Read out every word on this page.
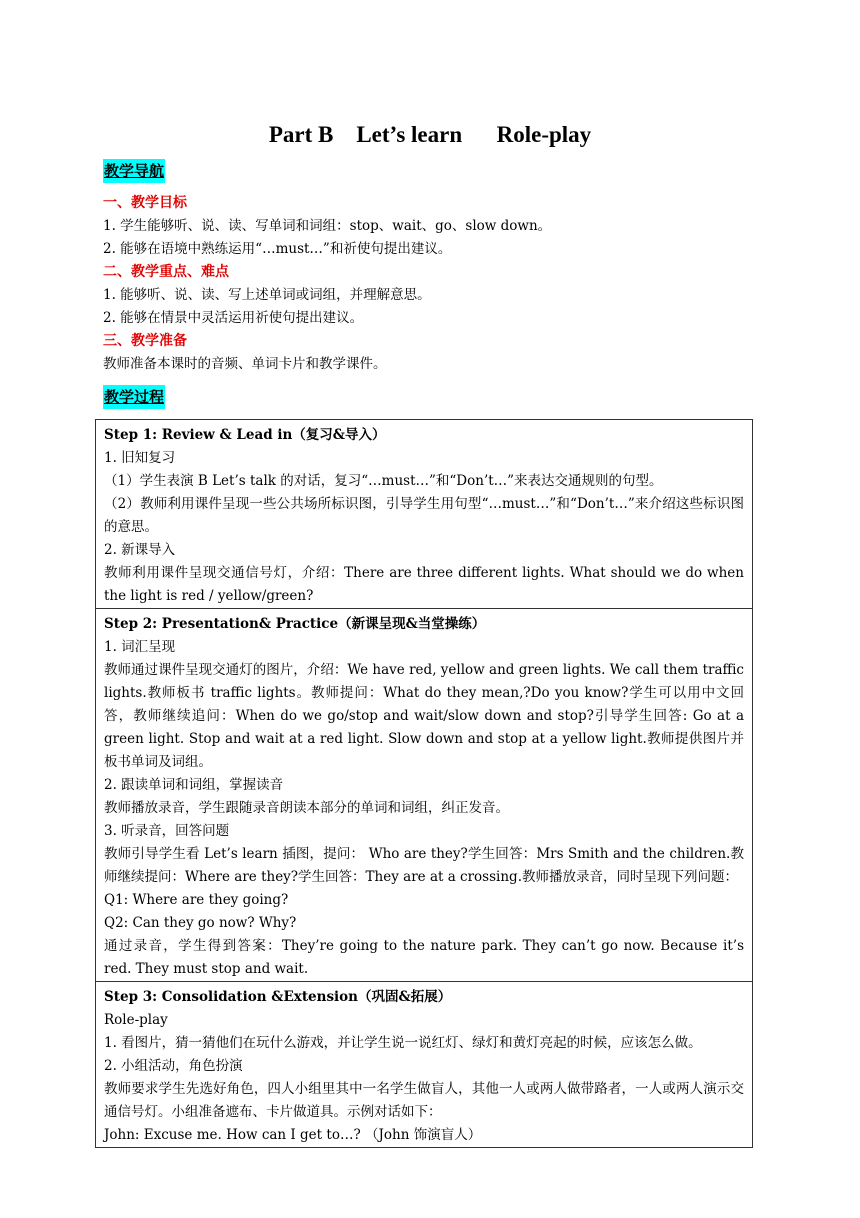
Part B    Let’s learn      Role-play
教学导航
一、教学目标
1. 学生能够听、说、读、写单词和词组：stop、wait、go、slow down。
2. 能够在语境中熟练运用“…must…”和祈使句提出建议。
二、教学重点、难点
1. 能够听、说、读、写上述单词或词组，并理解意思。
2. 能够在情景中灵活运用祈使句提出建议。
三、教学准备
教师准备本课时的音频、单词卡片和教学课件。
教学过程
Step 1: Review & Lead in（复习&导入）
1. 旧知复习
（1）学生表演 B Let’s talk 的对话，复习“…must…”和“Don’t…”来表达交通规则的句型。
（2）教师利用课件呈现一些公共场所标识图，引导学生用句型“…must…”和“Don’t…”来介绍这些标识图的意思。
2. 新课导入
教师利用课件呈现交通信号灯，介绍：There are three different lights. What should we do when the light is red / yellow/green?
Step 2: Presentation& Practice（新课呈现&当堂操练）
1. 词汇呈现
教师通过课件呈现交通灯的图片，介绍：We have red, yellow and green lights. We call them traffic lights.教师板书 traffic lights。教师提问：What do they mean,?Do you know?学生可以用中文回答，教师继续追问：When do we go/stop and wait/slow down and stop?引导学生回答: Go at a green light. Stop and wait at a red light. Slow down and stop at a yellow light.教师提供图片并板书单词及词组。
2. 跟读单词和词组，掌握读音
教师播放录音，学生跟随录音朗读本部分的单词和词组，纠正发音。
3. 听录音，回答问题
教师引导学生看 Let’s learn 插图，提问： Who are they?学生回答：Mrs Smith and the children.教师继续提问：Where are they?学生回答：They are at a crossing.教师播放录音，同时呈现下列问题：
Q1: Where are they going?
Q2: Can they go now? Why?
通过录音，学生得到答案：They’re going to the nature park. They can’t go now. Because it’s red. They must stop and wait.
Step 3: Consolidation &Extension（巩固&拓展）
Role-play
1. 看图片，猜一猜他们在玩什么游戏，并让学生说一说红灯、绿灯和黄灯亮起的时候，应该怎么做。
2. 小组活动，角色扮演
教师要求学生先选好角色，四人小组里其中一名学生做盲人，其他一人或两人做带路者，一人或两人演示交通信号灯。小组准备遮布、卡片做道具。示例对话如下：
John: Excuse me. How can I get to…? （John 饰演盲人）
